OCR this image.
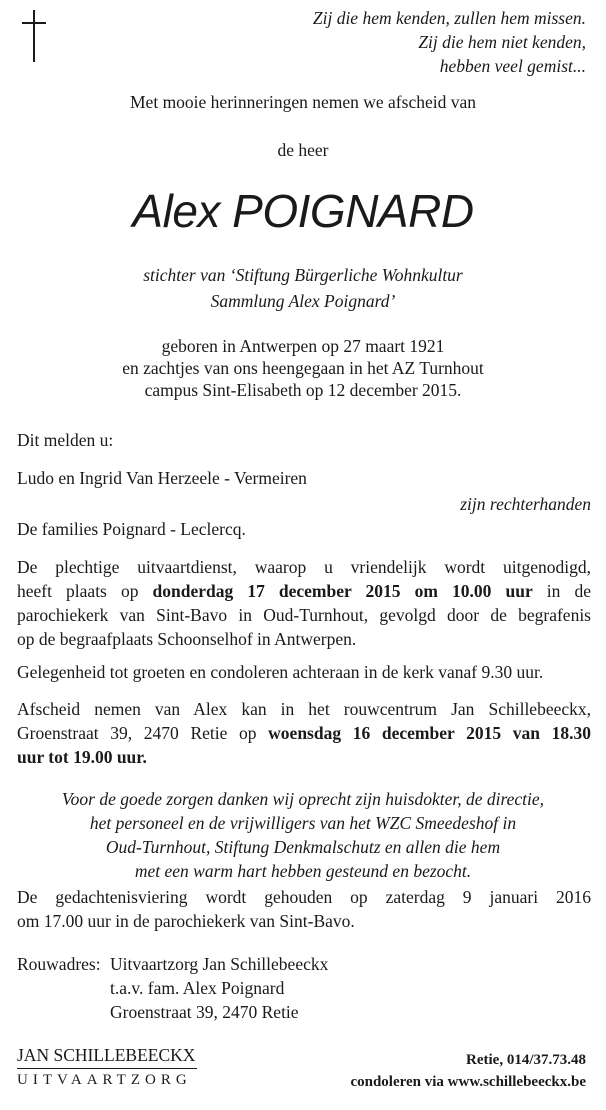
Zij die hem kenden, zullen hem missen.
Zij die hem niet kenden,
hebben veel gemist...
Met mooie herinneringen nemen we afscheid van
de heer
Alex POIGNARD
stichter van ‘Stiftung Bürgerliche Wohnkultur
Sammlung Alex Poignard’
geboren in Antwerpen op 27 maart 1921
en zachtjes van ons heengegaan in het AZ Turnhout
campus Sint-Elisabeth op 12 december 2015.
Dit melden u:
Ludo en Ingrid Van Herzeele - Vermeiren
zijn rechterhanden
De families Poignard - Leclercq.
De plechtige uitvaartdienst, waarop u vriendelijk wordt uitgenodigd,
heeft plaats op donderdag 17 december 2015 om 10.00 uur in de
parochiekerk van Sint-Bavo in Oud-Turnhout, gevolgd door de begrafenis
op de begraafplaats Schoonselhof in Antwerpen.
Gelegenheid tot groeten en condoleren achteraan in de kerk vanaf 9.30 uur.
Afscheid nemen van Alex kan in het rouwcentrum Jan Schillebeeckx,
Groenstraat 39, 2470 Retie op woensdag 16 december 2015 van 18.30
uur tot 19.00 uur.
Voor de goede zorgen danken wij oprecht zijn huisdokter, de directie,
het personeel en de vrijwilligers van het WZC Smeedeshof in
Oud-Turnhout, Stiftung Denkmalschutz en allen die hem
met een warm hart hebben gesteund en bezocht.
De gedachtenisviering wordt gehouden op zaterdag 9 januari 2016
om 17.00 uur in de parochiekerk van Sint-Bavo.
Rouwadres: Uitvaartzorg Jan Schillebeeckx
t.a.v. fam. Alex Poignard
Groenstraat 39, 2470 Retie
JAN SCHILLEBEECKX
UITVAARTZORG
Retie, 014/37.73.48
condoleren via www.schillebeeckx.be
